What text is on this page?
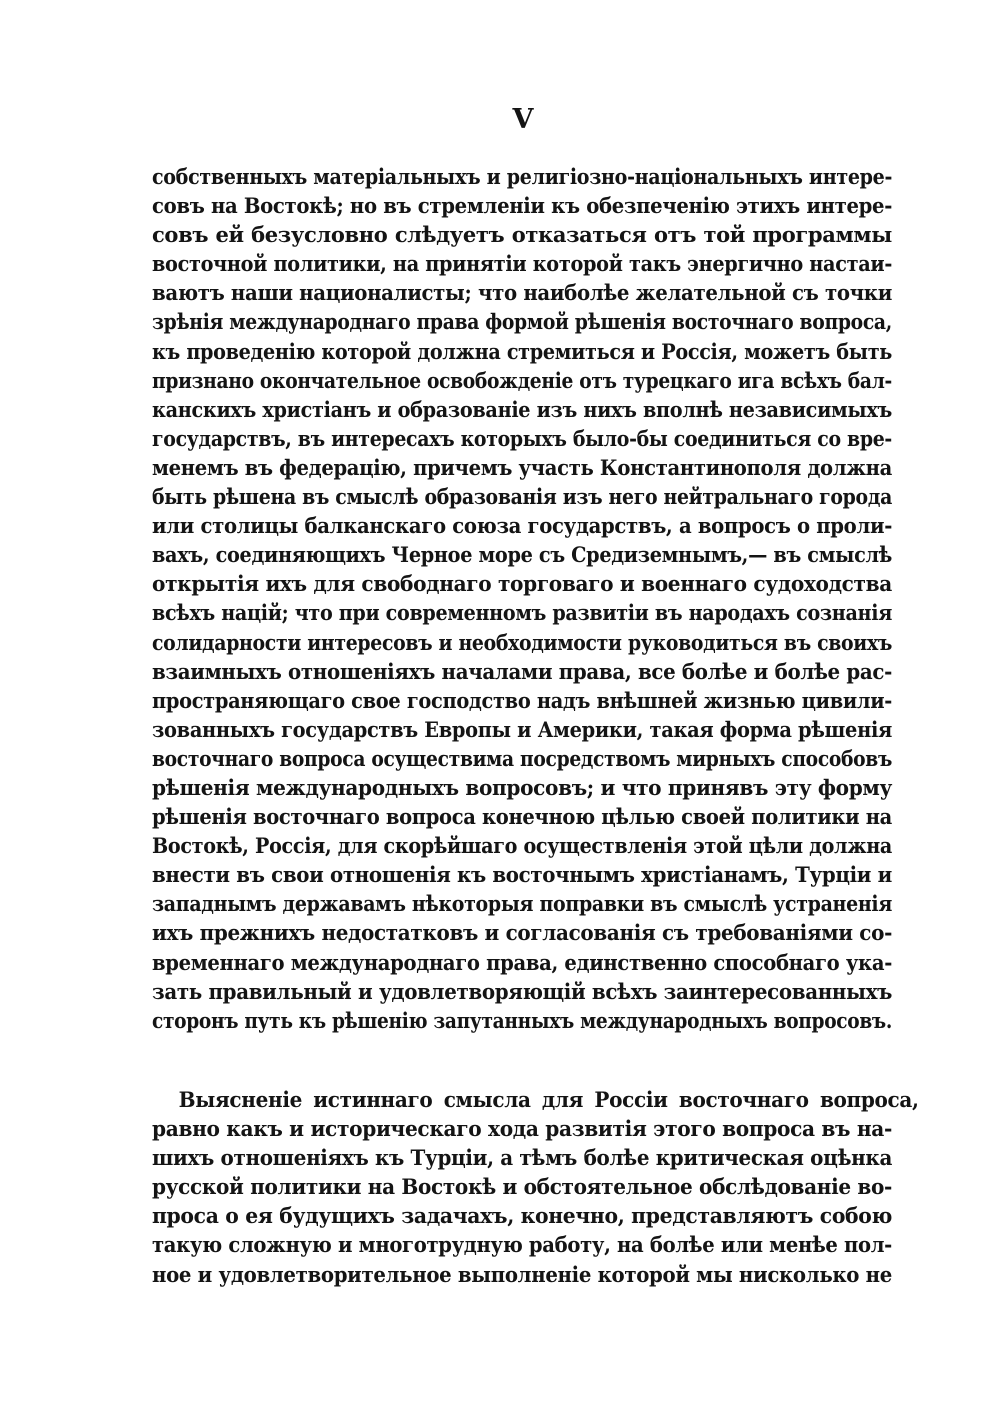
V
собственныхъ матеріальныхъ и религіозно-національныхъ интере-
совъ на Востокѣ; но въ стремленіи къ обезпеченію этихъ интере-
совъ ей безусловно слѣдуетъ отказаться отъ той программы
восточной политики, на принятіи которой такъ энергично настаи-
ваютъ наши националисты; что наиболѣе желательной съ точки
зрѣнія международнаго права формой рѣшенія восточнаго вопроса,
къ проведенію которой должна стремиться и Россія, можетъ быть
признано окончательное освобожденіе отъ турецкаго ига всѣхъ бал-
канскихъ христіанъ и образованіе изъ нихъ вполнѣ независимыхъ
государствъ, въ интересахъ которыхъ было-бы соединиться со вре-
менемъ въ федерацію, причемъ участь Константинополя должна
быть рѣшена въ смыслѣ образованія изъ него нейтральнаго города
или столицы балканскаго союза государствъ, а вопросъ о проли-
вахъ, соединяющихъ Черное море съ Средиземнымъ,— въ смыслѣ
открытія ихъ для свободнаго торговаго и военнаго судоходства
всѣхъ націй; что при современномъ развитіи въ народахъ сознанія
солидарности интересовъ и необходимости руководиться въ своихъ
взаимныхъ отношеніяхъ началами права, все болѣе и болѣе рас-
пространяющаго свое господство надъ внѣшней жизнью цивили-
зованныхъ государствъ Европы и Америки, такая форма рѣшенія
восточнаго вопроса осуществима посредствомъ мирныхъ способовъ
рѣшенія международныхъ вопросовъ; и что принявъ эту форму
рѣшенія восточнаго вопроса конечною цѣлью своей политики на
Востокѣ, Россія, для скорѣйшаго осуществленія этой цѣли должна
внести въ свои отношенія къ восточнымъ христіанамъ, Турціи и
западнымъ державамъ нѣкоторыя поправки въ смыслѣ устраненія
ихъ прежнихъ недостатковъ и согласованія съ требованіями со-
временнаго международнаго права, единственно способнаго ука-
зать правильный и удовлетворяющій всѣхъ заинтересованныхъ
сторонъ путь къ рѣшенію запутанныхъ международныхъ вопросовъ.
Выясненіе истиннаго смысла для Россіи восточнаго вопроса,
равно какъ и историческаго хода развитія этого вопроса въ на-
шихъ отношеніяхъ къ Турціи, а тѣмъ болѣе критическая оцѣнка
русской политики на Востокѣ и обстоятельное обслѣдованіе во-
проса о ея будущихъ задачахъ, конечно, представляютъ собою
такую сложную и многотрудную работу, на болѣе или менѣе пол-
ное и удовлетворительное выполненіе которой мы нисколько не
